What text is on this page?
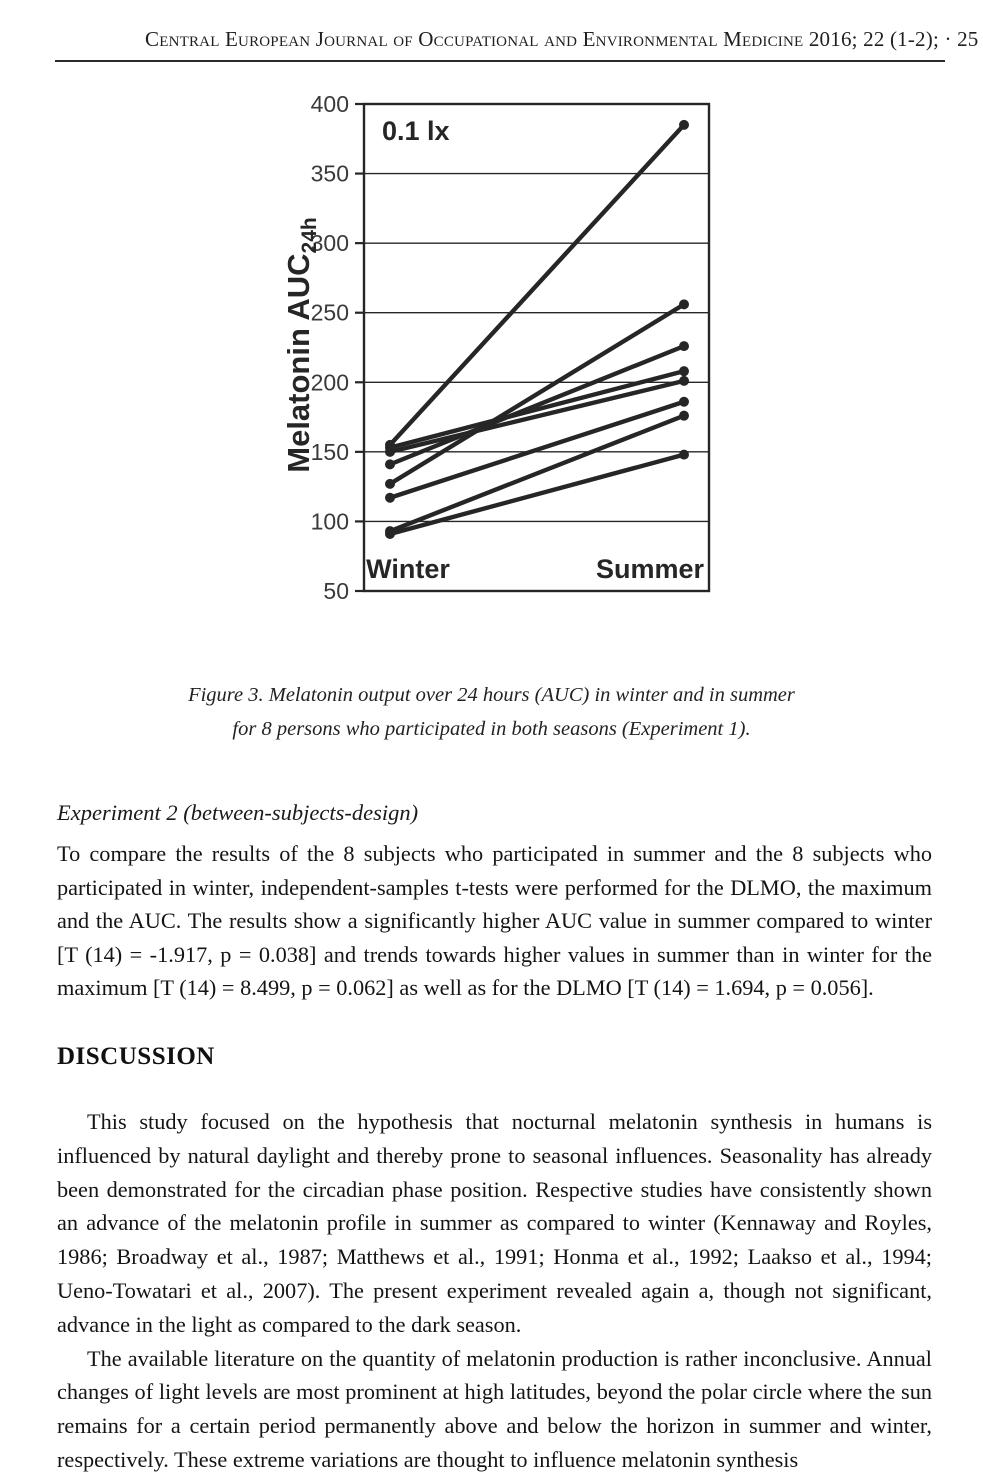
Central European Journal of Occupational and Environmental Medicine 2016; 22 (1-2); · 25
400
350
300
250
200
150
100
50
Winter	Summer
0.1 lx
Melatonin $AUC_{24h}$
Figure 3. Melatonin output over 24 hours (AUC) in winter and in summer
for 8 persons who participated in both seasons (Experiment 1).
Experiment 2 (between-subjects-design)
To compare the results of the 8 subjects who participated in summer and the 8 subjects who participated in winter, independent-samples t-tests were performed for the DLMO, the maximum and the AUC. The results show a significantly higher AUC value in summer compared to winter [T (14) = -1.917, p = 0.038] and trends towards higher values in summer than in winter for the maximum [T (14) = 8.499, p = 0.062] as well as for the DLMO [T (14) = 1.694, p = 0.056].
DISCUSSION

This study focused on the hypothesis that nocturnal melatonin synthesis in humans is influenced by natural daylight and thereby prone to seasonal influences. Seasonality has already been demonstrated for the circadian phase position. Respective studies have consistently shown an advance of the melatonin profile in summer as compared to winter (Kennaway and Royles, 1986; Broadway et al., 1987; Matthews et al., 1991; Honma et al., 1992; Laakso et al., 1994; Ueno-Towatari et al., 2007). The present experiment revealed again a, though not significant, advance in the light as compared to the dark season.

The available literature on the quantity of melatonin production is rather inconclusive. Annual changes of light levels are most prominent at high latitudes, beyond the polar circle where the sun remains for a certain period permanently above and below the horizon in summer and winter, respectively. These extreme variations are thought to influence melatonin synthesis
